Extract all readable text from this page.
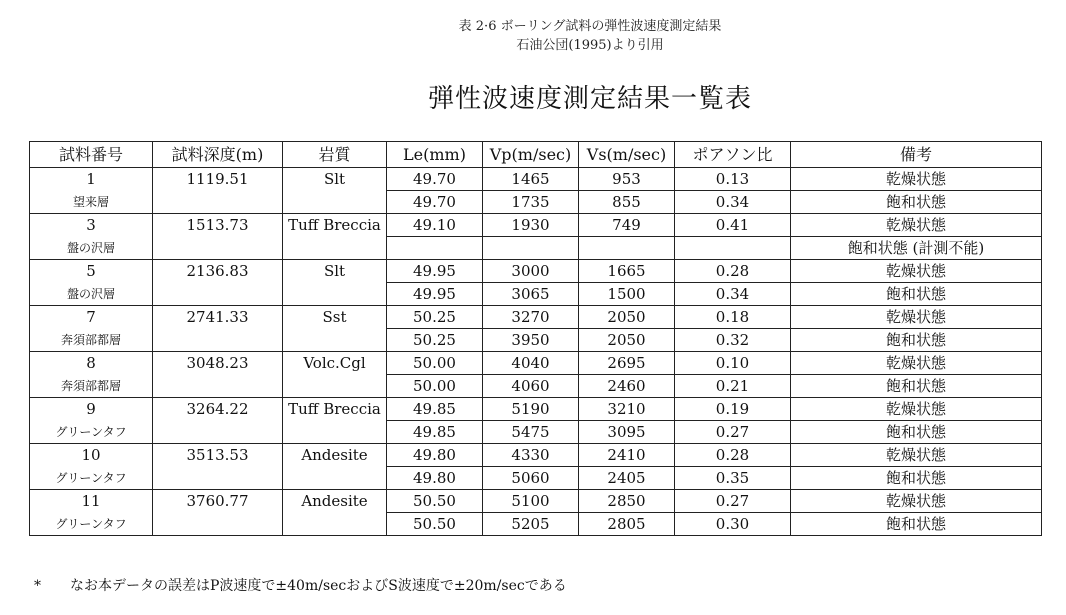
表 2·6 ボーリング試料の弾性波速度測定結果
石油公団(1995)より引用
弾性波速度測定結果一覧表
試料番号	試料深度(m)	岩質	Le(mm)	Vp(m/sec)	Vs(m/sec)	ポアソン比	備考
1	1119.51	Slt	49.70	1465	953	0.13	乾燥状態
望来層			49.70	1735	855	0.34	飽和状態
3	1513.73	Tuff Breccia	49.10	1930	749	0.41	乾燥状態
盤の沢層							飽和状態 (計測不能)
5	2136.83	Slt	49.95	3000	1665	0.28	乾燥状態
盤の沢層			49.95	3065	1500	0.34	飽和状態
7	2741.33	Sst	50.25	3270	2050	0.18	乾燥状態
奔須部都層			50.25	3950	2050	0.32	飽和状態
8	3048.23	Volc.Cgl	50.00	4040	2695	0.10	乾燥状態
奔須部都層			50.00	4060	2460	0.21	飽和状態
9	3264.22	Tuff Breccia	49.85	5190	3210	0.19	乾燥状態
グリーンタフ			49.85	5475	3095	0.27	飽和状態
10	3513.53	Andesite	49.80	4330	2410	0.28	乾燥状態
グリーンタフ			49.80	5060	2405	0.35	飽和状態
11	3760.77	Andesite	50.50	5100	2850	0.27	乾燥状態
グリーンタフ			50.50	5205	2805	0.30	飽和状態
* なお本データの誤差はP波速度で±40m/secおよびS波速度で±20m/secである
